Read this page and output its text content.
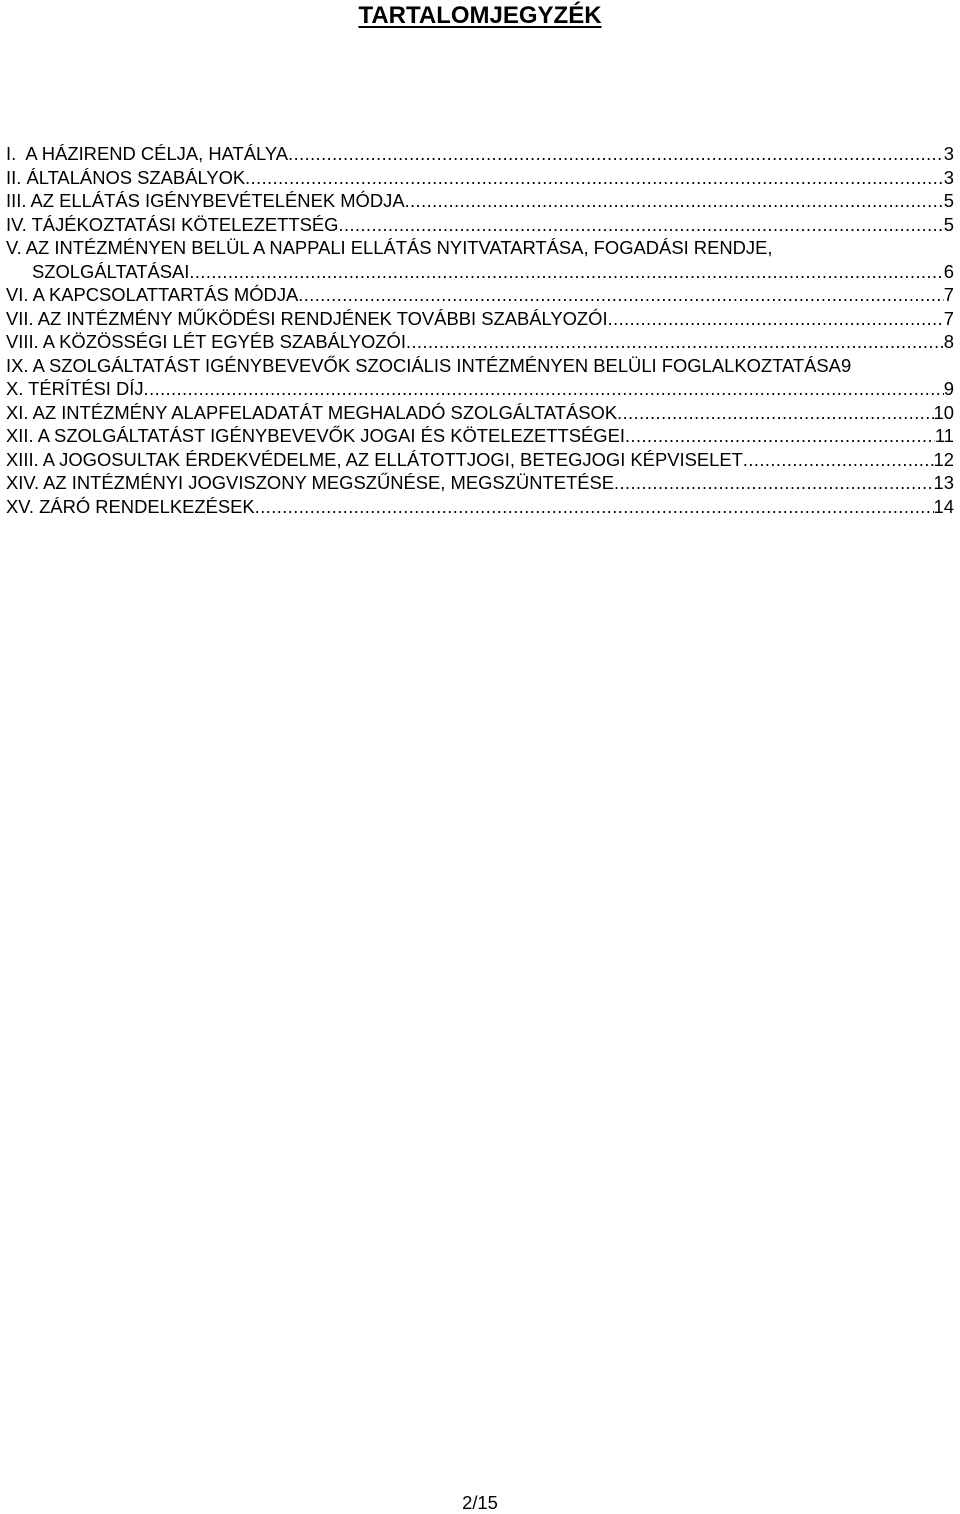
TARTALOMJEGYZÉK
I.  A HÁZIREND CÉLJA, HATÁLYA .....	3
II. ÁLTALÁNOS SZABÁLYOK .....	3
III. AZ ELLÁTÁS IGÉNYBEVÉTELÉNEK MÓDJA .....	5
IV. TÁJÉKOZTATÁSI KÖTELEZETTSÉG .....	5
V. AZ INTÉZMÉNYEN BELÜL A NAPPALI ELLÁTÁS NYITVATARTÁSA, FOGADÁSI RENDJE,
SZOLGÁLTATÁSAI .....	6
VI. A KAPCSOLATTARTÁS MÓDJA .....	7
VII. AZ INTÉZMÉNY MŰKÖDÉSI RENDJÉNEK TOVÁBBI SZABÁLYOZÓI .....	7
VIII. A KÖZÖSSÉGI LÉT EGYÉB SZABÁLYOZÓI .....	8
IX. A SZOLGÁLTATÁST IGÉNYBEVEVŐK SZOCIÁLIS INTÉZMÉNYEN BELÜLI FOGLALKOZTATÁSA 9
X. TÉRÍTÉSI DÍJ .....	9
XI. AZ INTÉZMÉNY ALAPFELADATÁT MEGHALADÓ SZOLGÁLTATÁSOK .....	10
XII. A SZOLGÁLTATÁST IGÉNYBEVEVŐK JOGAI ÉS KÖTELEZETTSÉGEI .....	11
XIII. A JOGOSULTAK ÉRDEKVÉDELME, AZ ELLÁTOTTJOGI, BETEGJOGI KÉPVISELET .....	12
XIV. AZ INTÉZMÉNYI JOGVISZONY MEGSZŰNÉSE, MEGSZÜNTETÉSE .....	13
XV. ZÁRÓ RENDELKEZÉSEK .....	14
2/15
